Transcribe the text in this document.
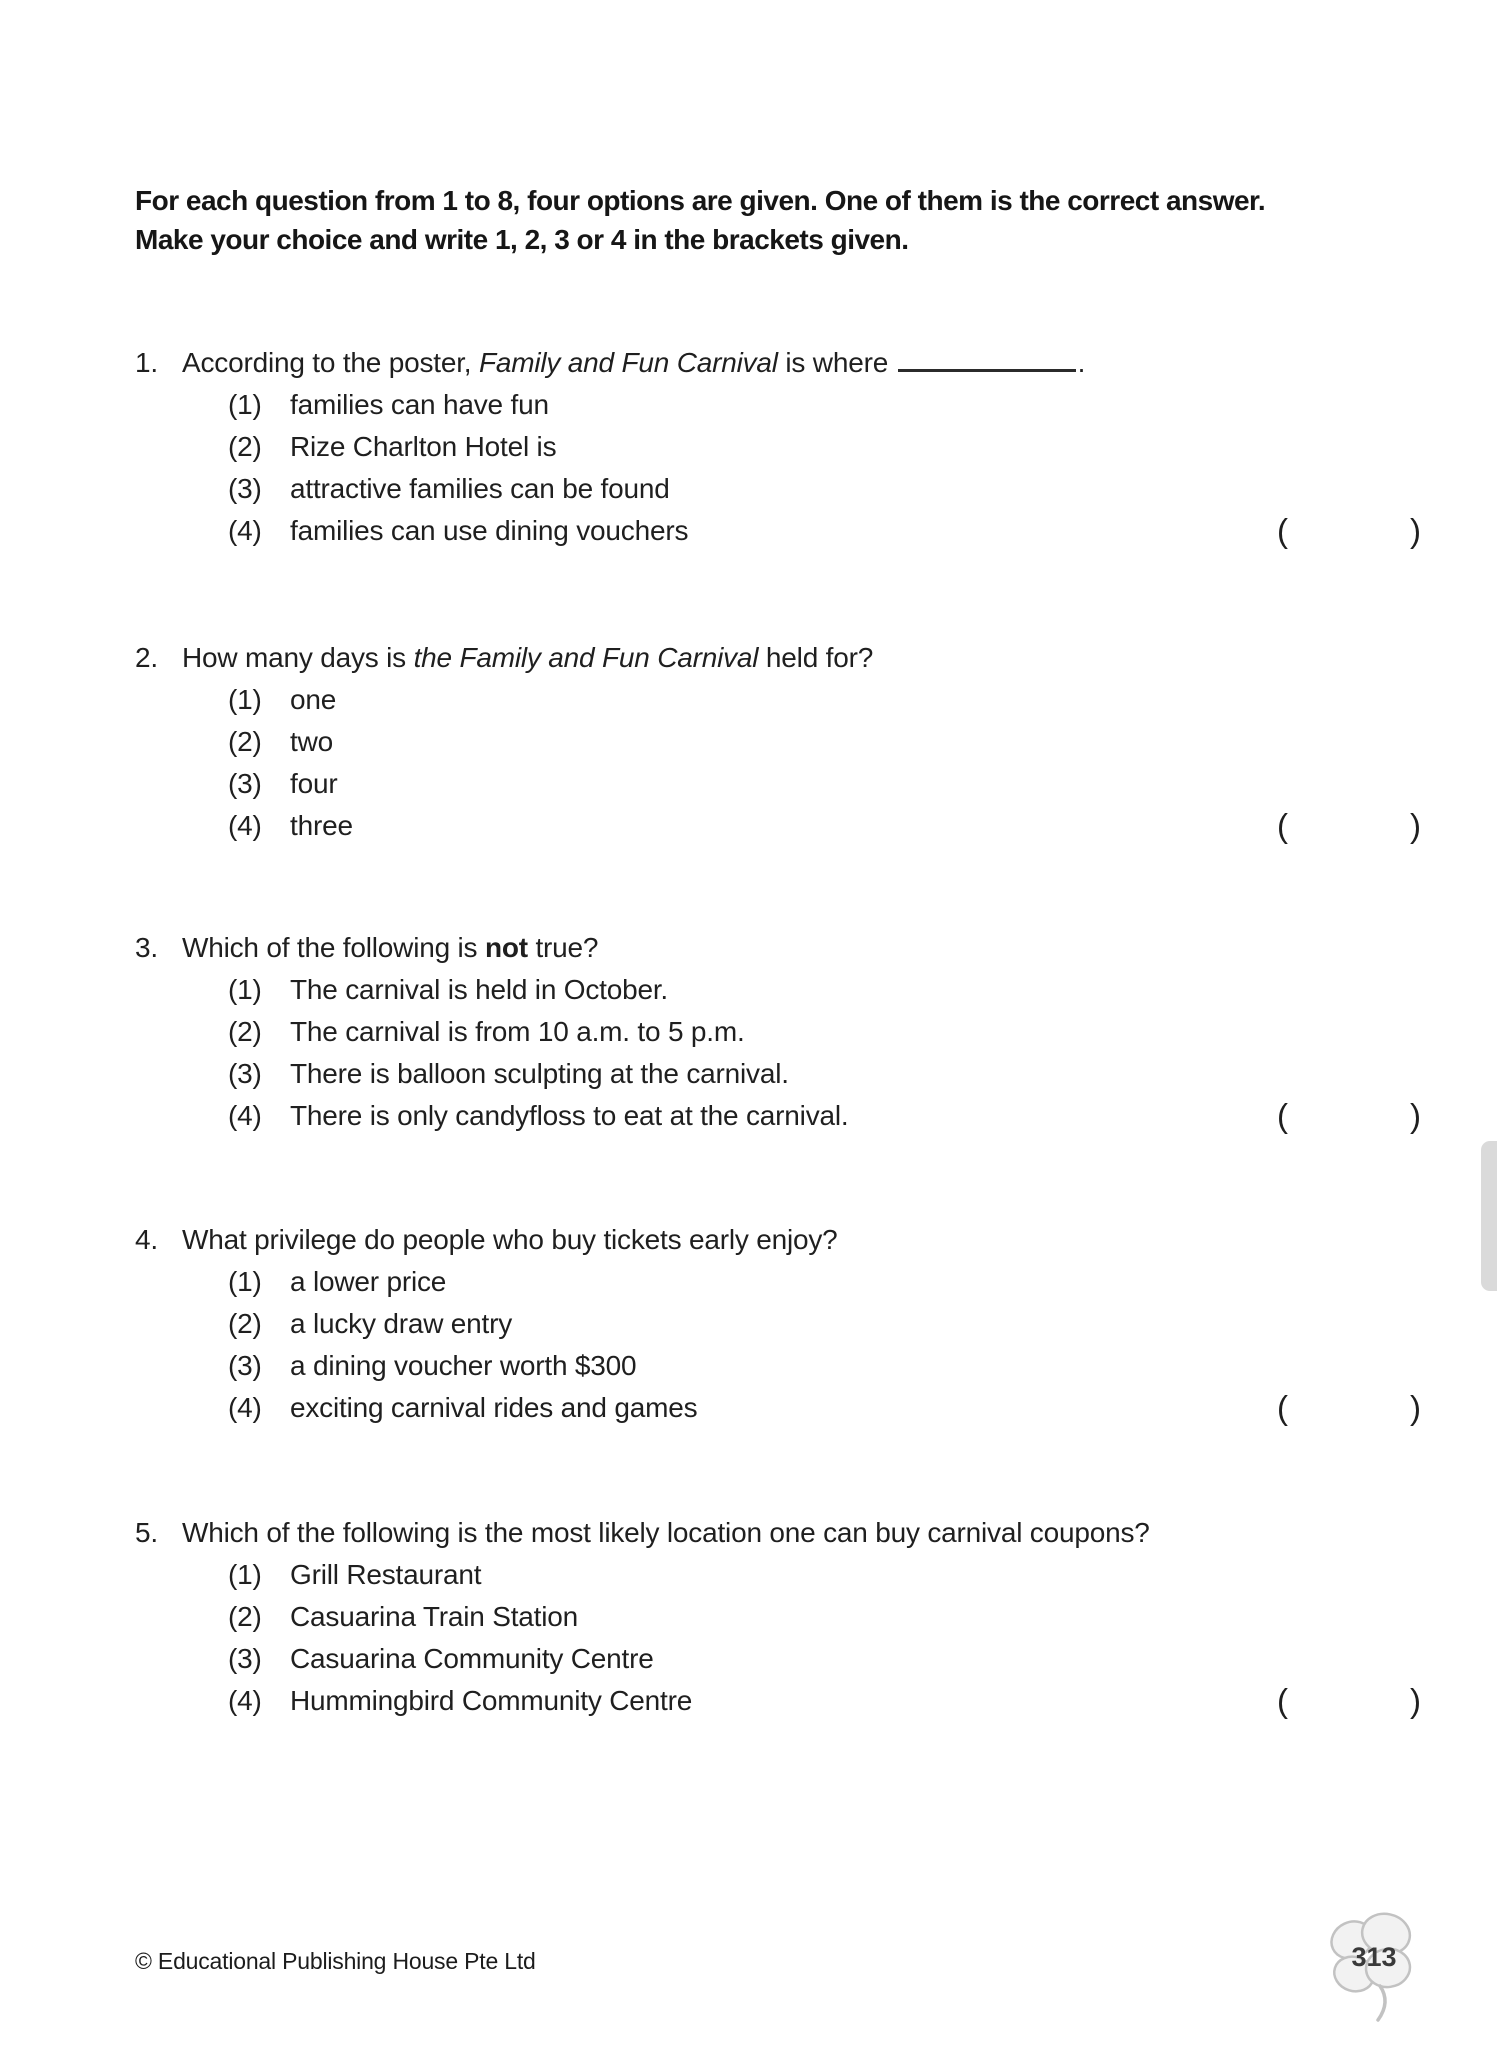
For each question from 1 to 8, four options are given. One of them is the correct answer.
Make your choice and write 1, 2, 3 or 4 in the brackets given.
1. According to the poster, Family and Fun Carnival is where	.
(1)	families can have fun
(2)	Rize Charlton Hotel is
(3)	attractive families can be found
(4)	families can use dining vouchers	(	)
2. How many days is the Family and Fun Carnival held for?
(1)	one
(2)	two
(3)	four
(4)	three	(	)
3. Which of the following is not true?
(1)	The carnival is held in October.
(2)	The carnival is from 10 a.m. to 5 p.m.
(3)	There is balloon sculpting at the carnival.
(4)	There is only candyfloss to eat at the carnival.	(	)
4. What privilege do people who buy tickets early enjoy?
(1)	a lower price
(2)	a lucky draw entry
(3)	a dining voucher worth $300
(4)	exciting carnival rides and games	(	)
5. Which of the following is the most likely location one can buy carnival coupons?
(1)	Grill Restaurant
(2)	Casuarina Train Station
(3)	Casuarina Community Centre
(4)	Hummingbird Community Centre	(	)
© Educational Publishing House Pte Ltd	313
